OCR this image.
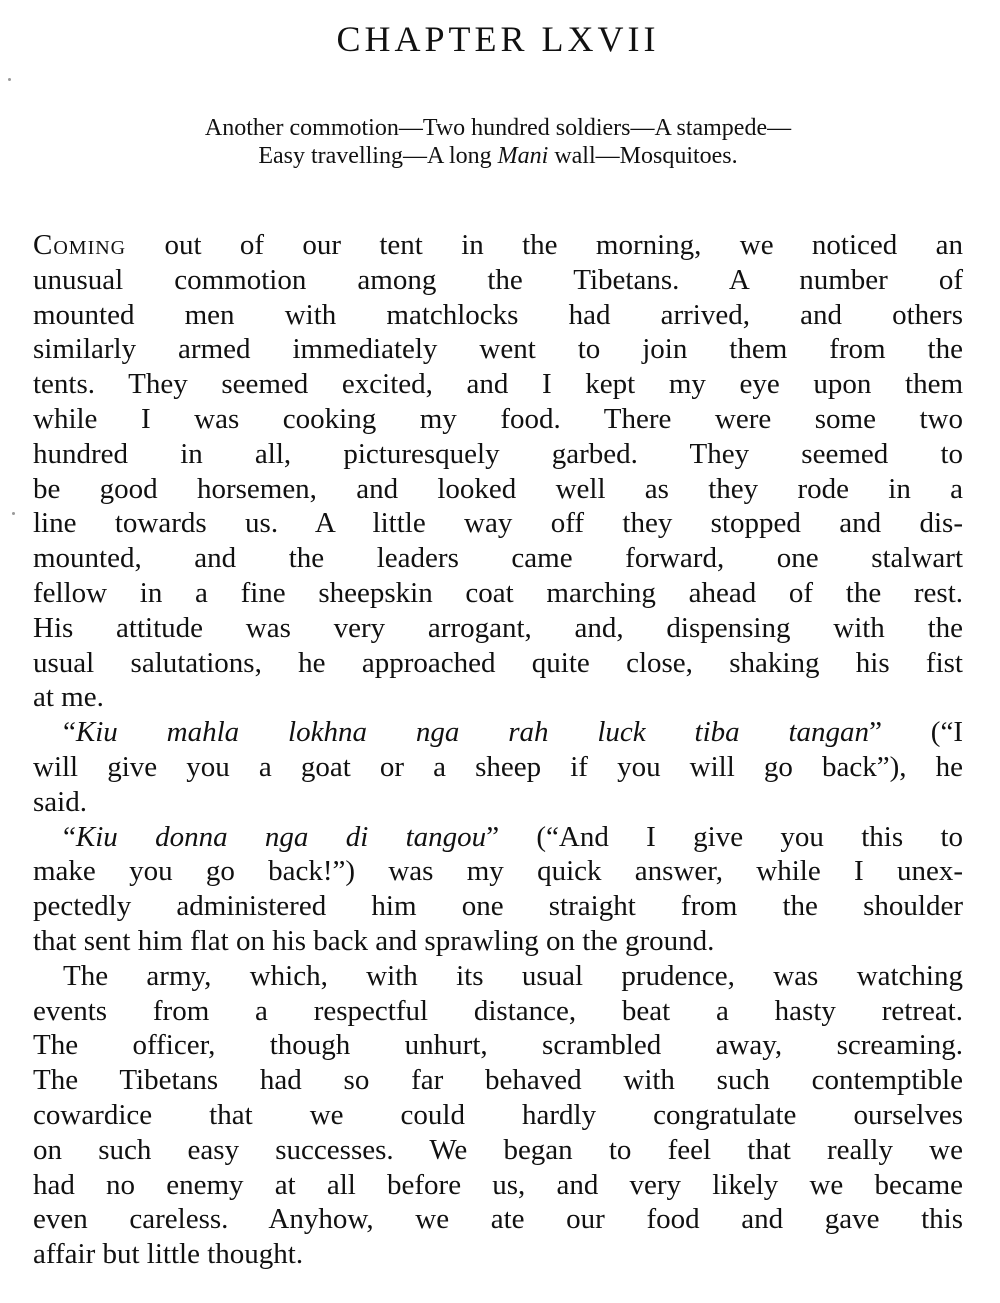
CHAPTER LXVII
Another commotion—Two hundred soldiers—A stampede—
Easy travelling—A long Mani wall—Mosquitoes.

Coming out of our tent in the morning, we noticed an
unusual commotion among the Tibetans. A number of
mounted men with matchlocks had arrived, and others
similarly armed immediately went to join them from the
tents. They seemed excited, and I kept my eye upon them
while I was cooking my food. There were some two
hundred in all, picturesquely garbed. They seemed to
be good horsemen, and looked well as they rode in a
line towards us. A little way off they stopped and dis-
mounted, and the leaders came forward, one stalwart
fellow in a fine sheepskin coat marching ahead of the rest.
His attitude was very arrogant, and, dispensing with the
usual salutations, he approached quite close, shaking his fist
at me.

“Kiu mahla lokhna nga rah luck tiba tangan” (“I
will give you a goat or a sheep if you will go back”), he
said.

“Kiu donna nga di tangou” (“And I give you this to
make you go back!”) was my quick answer, while I unex-
pectedly administered him one straight from the shoulder
that sent him flat on his back and sprawling on the ground.

The army, which, with its usual prudence, was watching
events from a respectful distance, beat a hasty retreat.
The officer, though unhurt, scrambled away, screaming.
The Tibetans had so far behaved with such contemptible
cowardice that we could hardly congratulate ourselves
on such easy successes. We began to feel that really we
had no enemy at all before us, and very likely we became
even careless. Anyhow, we ate our food and gave this
affair but little thought.
